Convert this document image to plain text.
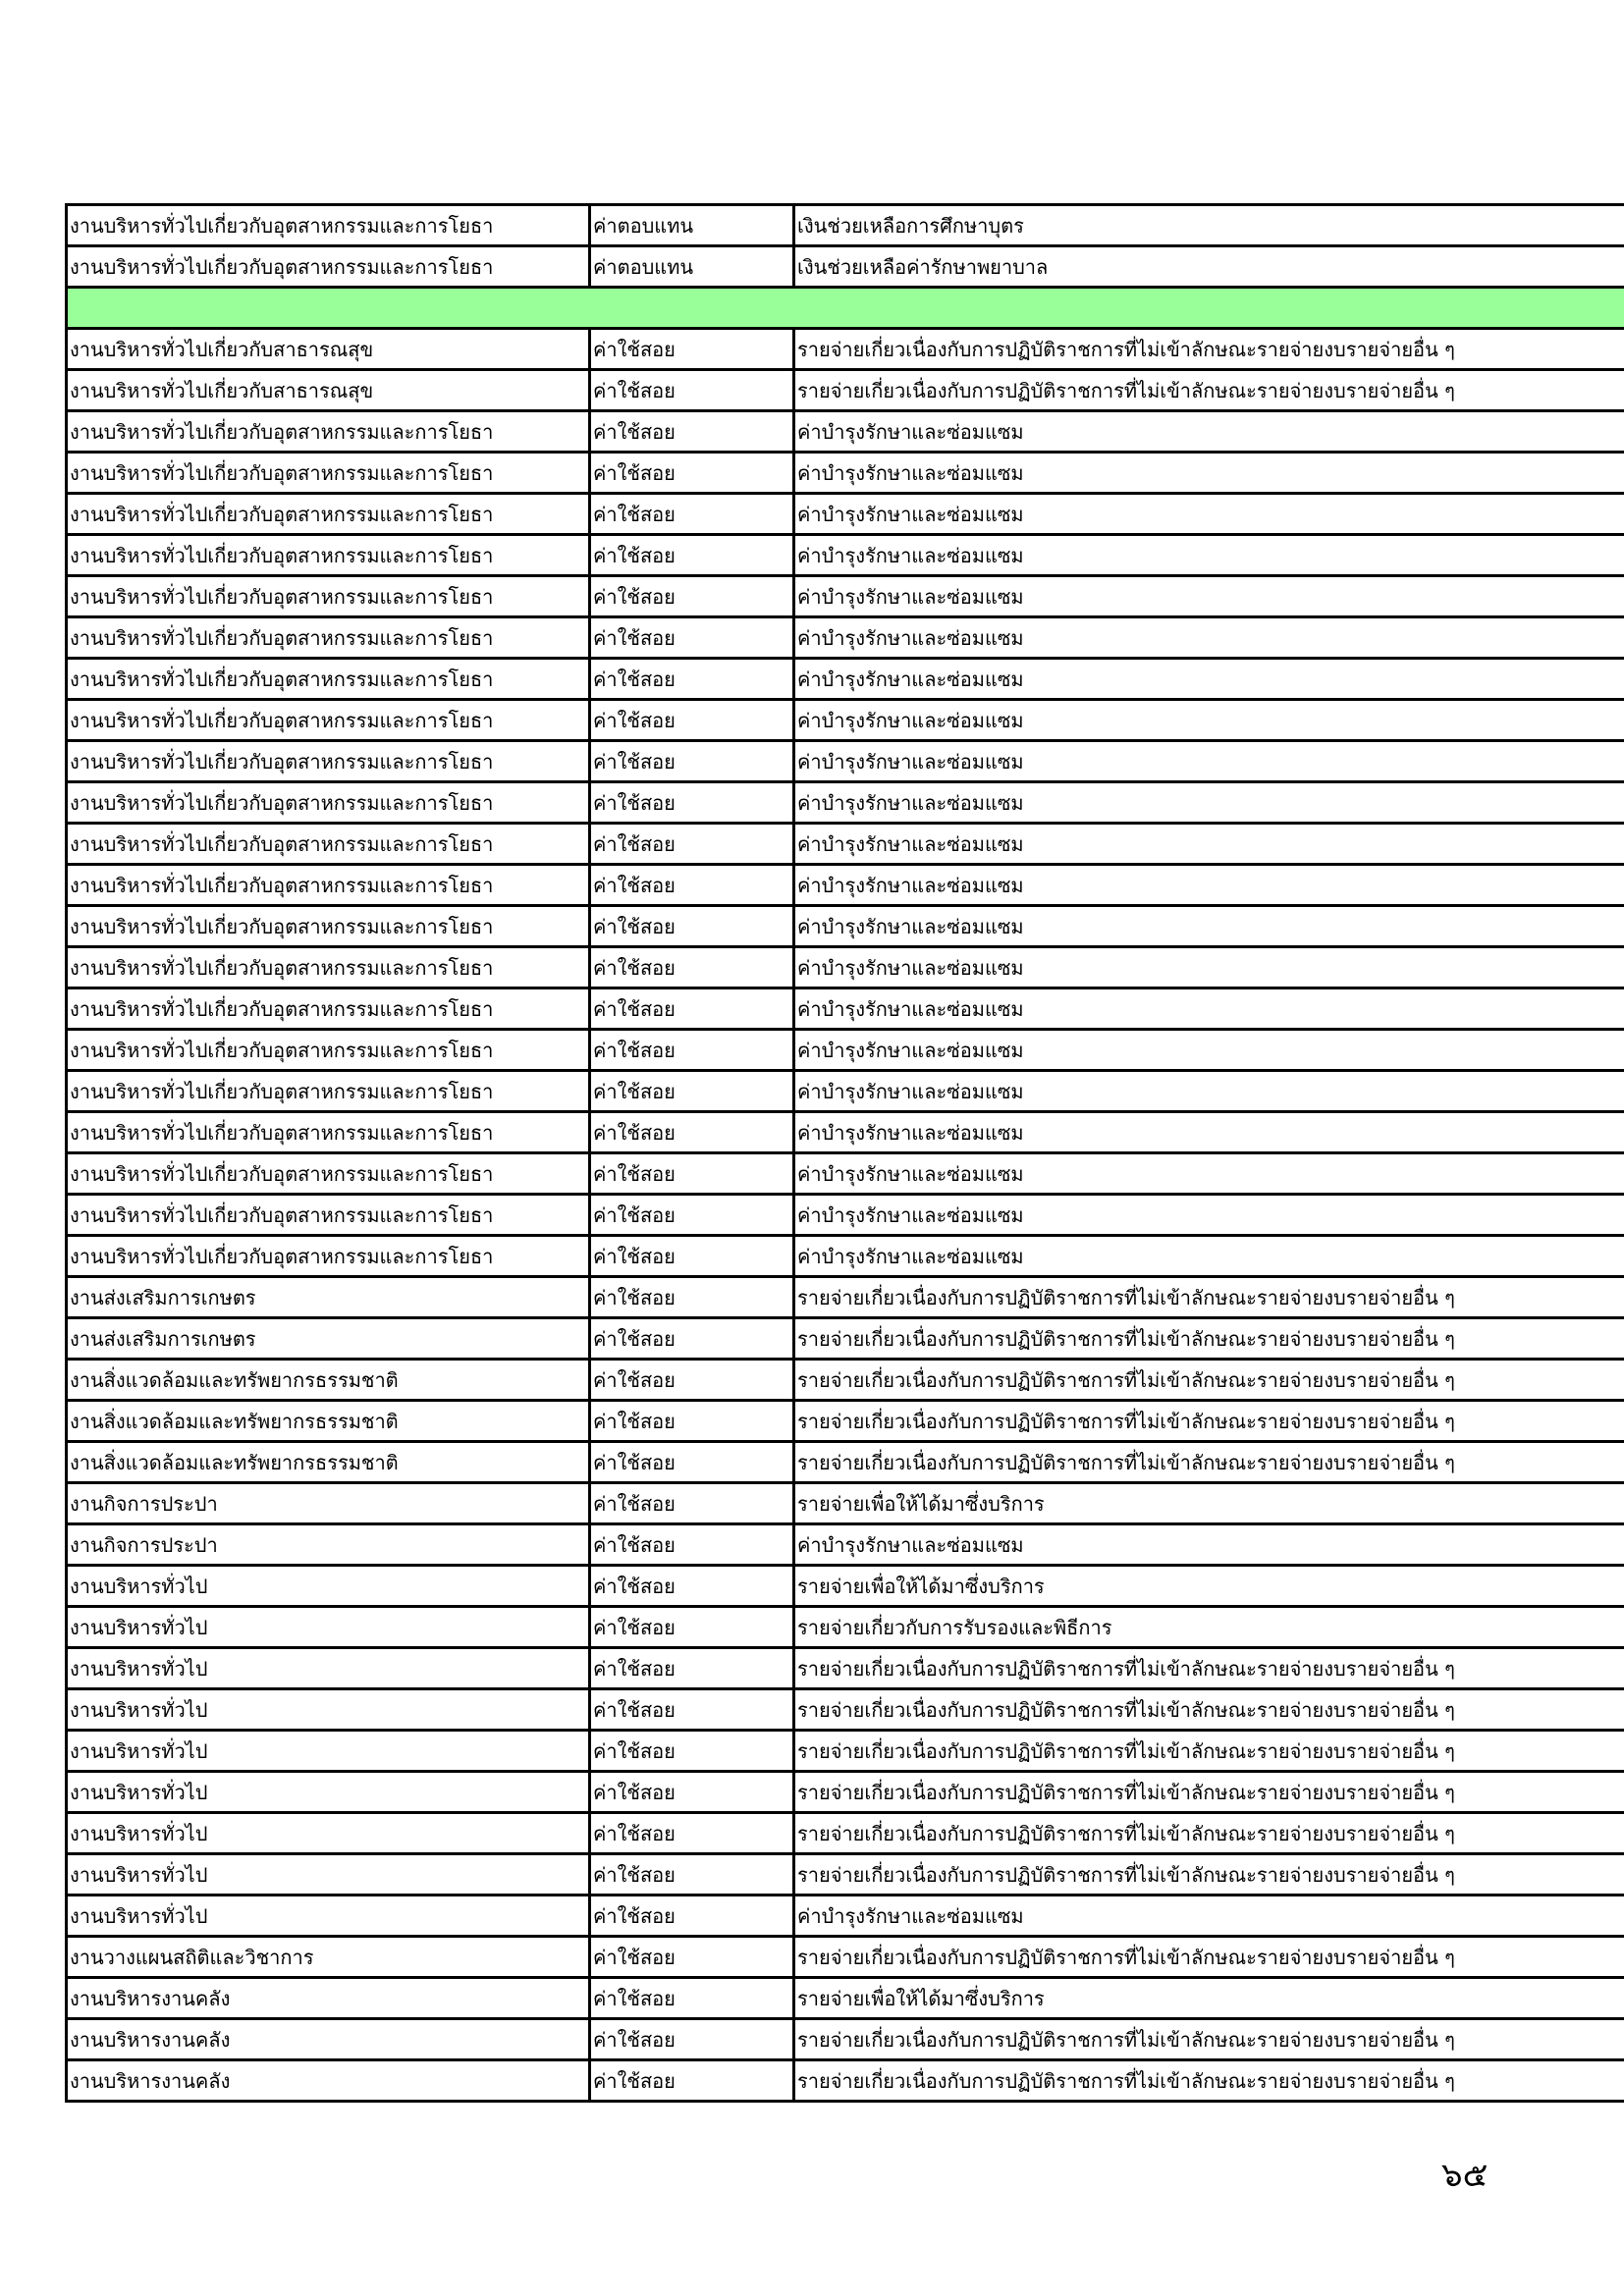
งานบริหารทั่วไปเกี่ยวกับอุตสาหกรรมและการโยธา	ค่าตอบแทน	เงินช่วยเหลือการศึกษาบุตร
งานบริหารทั่วไปเกี่ยวกับอุตสาหกรรมและการโยธา	ค่าตอบแทน	เงินช่วยเหลือค่ารักษาพยาบาล

งานบริหารทั่วไปเกี่ยวกับสาธารณสุข	ค่าใช้สอย	รายจ่ายเกี่ยวเนื่องกับการปฏิบัติราชการที่ไม่เข้าลักษณะรายจ่ายงบรายจ่ายอื่น ๆ
งานบริหารทั่วไปเกี่ยวกับสาธารณสุข	ค่าใช้สอย	รายจ่ายเกี่ยวเนื่องกับการปฏิบัติราชการที่ไม่เข้าลักษณะรายจ่ายงบรายจ่ายอื่น ๆ
งานบริหารทั่วไปเกี่ยวกับอุตสาหกรรมและการโยธา	ค่าใช้สอย	ค่าบำรุงรักษาและซ่อมแซม
งานบริหารทั่วไปเกี่ยวกับอุตสาหกรรมและการโยธา	ค่าใช้สอย	ค่าบำรุงรักษาและซ่อมแซม
งานบริหารทั่วไปเกี่ยวกับอุตสาหกรรมและการโยธา	ค่าใช้สอย	ค่าบำรุงรักษาและซ่อมแซม
งานบริหารทั่วไปเกี่ยวกับอุตสาหกรรมและการโยธา	ค่าใช้สอย	ค่าบำรุงรักษาและซ่อมแซม
งานบริหารทั่วไปเกี่ยวกับอุตสาหกรรมและการโยธา	ค่าใช้สอย	ค่าบำรุงรักษาและซ่อมแซม
งานบริหารทั่วไปเกี่ยวกับอุตสาหกรรมและการโยธา	ค่าใช้สอย	ค่าบำรุงรักษาและซ่อมแซม
งานบริหารทั่วไปเกี่ยวกับอุตสาหกรรมและการโยธา	ค่าใช้สอย	ค่าบำรุงรักษาและซ่อมแซม
งานบริหารทั่วไปเกี่ยวกับอุตสาหกรรมและการโยธา	ค่าใช้สอย	ค่าบำรุงรักษาและซ่อมแซม
งานบริหารทั่วไปเกี่ยวกับอุตสาหกรรมและการโยธา	ค่าใช้สอย	ค่าบำรุงรักษาและซ่อมแซม
งานบริหารทั่วไปเกี่ยวกับอุตสาหกรรมและการโยธา	ค่าใช้สอย	ค่าบำรุงรักษาและซ่อมแซม
งานบริหารทั่วไปเกี่ยวกับอุตสาหกรรมและการโยธา	ค่าใช้สอย	ค่าบำรุงรักษาและซ่อมแซม
งานบริหารทั่วไปเกี่ยวกับอุตสาหกรรมและการโยธา	ค่าใช้สอย	ค่าบำรุงรักษาและซ่อมแซม
งานบริหารทั่วไปเกี่ยวกับอุตสาหกรรมและการโยธา	ค่าใช้สอย	ค่าบำรุงรักษาและซ่อมแซม
งานบริหารทั่วไปเกี่ยวกับอุตสาหกรรมและการโยธา	ค่าใช้สอย	ค่าบำรุงรักษาและซ่อมแซม
งานบริหารทั่วไปเกี่ยวกับอุตสาหกรรมและการโยธา	ค่าใช้สอย	ค่าบำรุงรักษาและซ่อมแซม
งานบริหารทั่วไปเกี่ยวกับอุตสาหกรรมและการโยธา	ค่าใช้สอย	ค่าบำรุงรักษาและซ่อมแซม
งานบริหารทั่วไปเกี่ยวกับอุตสาหกรรมและการโยธา	ค่าใช้สอย	ค่าบำรุงรักษาและซ่อมแซม
งานบริหารทั่วไปเกี่ยวกับอุตสาหกรรมและการโยธา	ค่าใช้สอย	ค่าบำรุงรักษาและซ่อมแซม
งานบริหารทั่วไปเกี่ยวกับอุตสาหกรรมและการโยธา	ค่าใช้สอย	ค่าบำรุงรักษาและซ่อมแซม
งานบริหารทั่วไปเกี่ยวกับอุตสาหกรรมและการโยธา	ค่าใช้สอย	ค่าบำรุงรักษาและซ่อมแซม
งานบริหารทั่วไปเกี่ยวกับอุตสาหกรรมและการโยธา	ค่าใช้สอย	ค่าบำรุงรักษาและซ่อมแซม
งานส่งเสริมการเกษตร	ค่าใช้สอย	รายจ่ายเกี่ยวเนื่องกับการปฏิบัติราชการที่ไม่เข้าลักษณะรายจ่ายงบรายจ่ายอื่น ๆ
งานส่งเสริมการเกษตร	ค่าใช้สอย	รายจ่ายเกี่ยวเนื่องกับการปฏิบัติราชการที่ไม่เข้าลักษณะรายจ่ายงบรายจ่ายอื่น ๆ
งานสิ่งแวดล้อมและทรัพยากรธรรมชาติ	ค่าใช้สอย	รายจ่ายเกี่ยวเนื่องกับการปฏิบัติราชการที่ไม่เข้าลักษณะรายจ่ายงบรายจ่ายอื่น ๆ
งานสิ่งแวดล้อมและทรัพยากรธรรมชาติ	ค่าใช้สอย	รายจ่ายเกี่ยวเนื่องกับการปฏิบัติราชการที่ไม่เข้าลักษณะรายจ่ายงบรายจ่ายอื่น ๆ
งานสิ่งแวดล้อมและทรัพยากรธรรมชาติ	ค่าใช้สอย	รายจ่ายเกี่ยวเนื่องกับการปฏิบัติราชการที่ไม่เข้าลักษณะรายจ่ายงบรายจ่ายอื่น ๆ
งานกิจการประปา	ค่าใช้สอย	รายจ่ายเพื่อให้ได้มาซึ่งบริการ
งานกิจการประปา	ค่าใช้สอย	ค่าบำรุงรักษาและซ่อมแซม
งานบริหารทั่วไป	ค่าใช้สอย	รายจ่ายเพื่อให้ได้มาซึ่งบริการ
งานบริหารทั่วไป	ค่าใช้สอย	รายจ่ายเกี่ยวกับการรับรองและพิธีการ
งานบริหารทั่วไป	ค่าใช้สอย	รายจ่ายเกี่ยวเนื่องกับการปฏิบัติราชการที่ไม่เข้าลักษณะรายจ่ายงบรายจ่ายอื่น ๆ
งานบริหารทั่วไป	ค่าใช้สอย	รายจ่ายเกี่ยวเนื่องกับการปฏิบัติราชการที่ไม่เข้าลักษณะรายจ่ายงบรายจ่ายอื่น ๆ
งานบริหารทั่วไป	ค่าใช้สอย	รายจ่ายเกี่ยวเนื่องกับการปฏิบัติราชการที่ไม่เข้าลักษณะรายจ่ายงบรายจ่ายอื่น ๆ
งานบริหารทั่วไป	ค่าใช้สอย	รายจ่ายเกี่ยวเนื่องกับการปฏิบัติราชการที่ไม่เข้าลักษณะรายจ่ายงบรายจ่ายอื่น ๆ
งานบริหารทั่วไป	ค่าใช้สอย	รายจ่ายเกี่ยวเนื่องกับการปฏิบัติราชการที่ไม่เข้าลักษณะรายจ่ายงบรายจ่ายอื่น ๆ
งานบริหารทั่วไป	ค่าใช้สอย	รายจ่ายเกี่ยวเนื่องกับการปฏิบัติราชการที่ไม่เข้าลักษณะรายจ่ายงบรายจ่ายอื่น ๆ
งานบริหารทั่วไป	ค่าใช้สอย	ค่าบำรุงรักษาและซ่อมแซม
งานวางแผนสถิติและวิชาการ	ค่าใช้สอย	รายจ่ายเกี่ยวเนื่องกับการปฏิบัติราชการที่ไม่เข้าลักษณะรายจ่ายงบรายจ่ายอื่น ๆ
งานบริหารงานคลัง	ค่าใช้สอย	รายจ่ายเพื่อให้ได้มาซึ่งบริการ
งานบริหารงานคลัง	ค่าใช้สอย	รายจ่ายเกี่ยวเนื่องกับการปฏิบัติราชการที่ไม่เข้าลักษณะรายจ่ายงบรายจ่ายอื่น ๆ
งานบริหารงานคลัง	ค่าใช้สอย	รายจ่ายเกี่ยวเนื่องกับการปฏิบัติราชการที่ไม่เข้าลักษณะรายจ่ายงบรายจ่ายอื่น ๆ
๖๕
